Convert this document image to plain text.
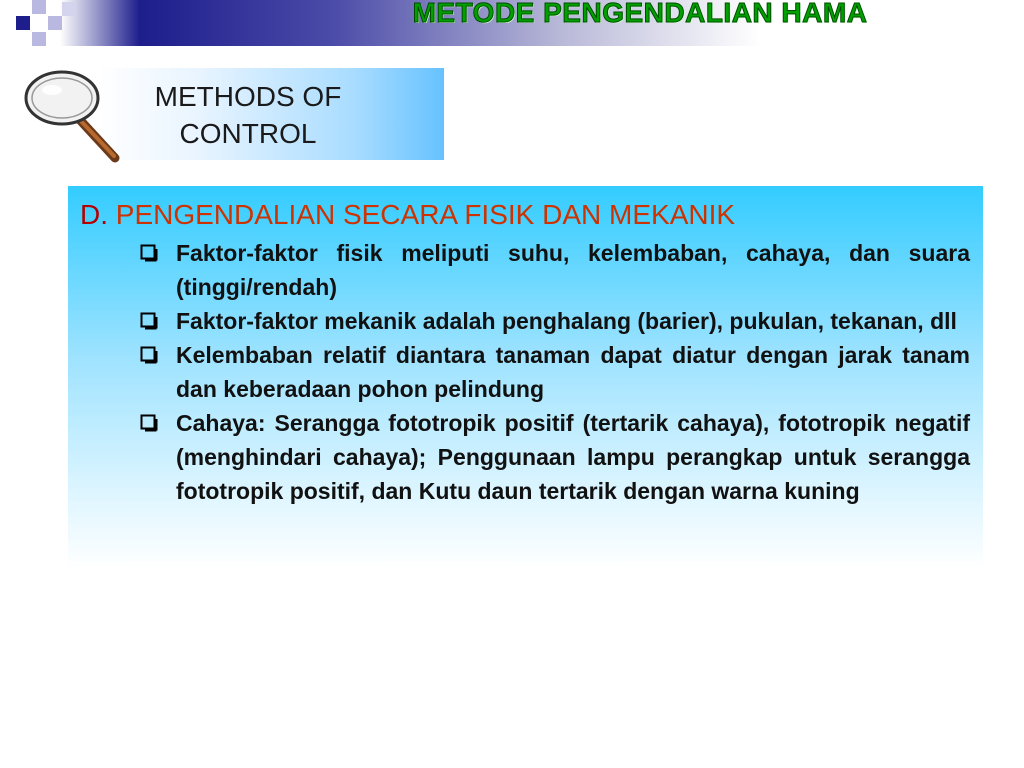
METODE PENGENDALIAN HAMA
METHODS OF
CONTROL
D. PENGENDALIAN SECARA FISIK DAN MEKANIK
Faktor-faktor fisik meliputi suhu, kelembaban, cahaya, dan suara (tinggi/rendah)
Faktor-faktor mekanik adalah penghalang (barier), pukulan, tekanan, dll
Kelembaban relatif diantara tanaman dapat diatur dengan jarak tanam dan keberadaan pohon pelindung
Cahaya: Serangga fototropik positif (tertarik cahaya), fototropik negatif (menghindari cahaya); Penggunaan lampu perangkap untuk serangga fototropik positif, dan Kutu daun tertarik dengan warna kuning
